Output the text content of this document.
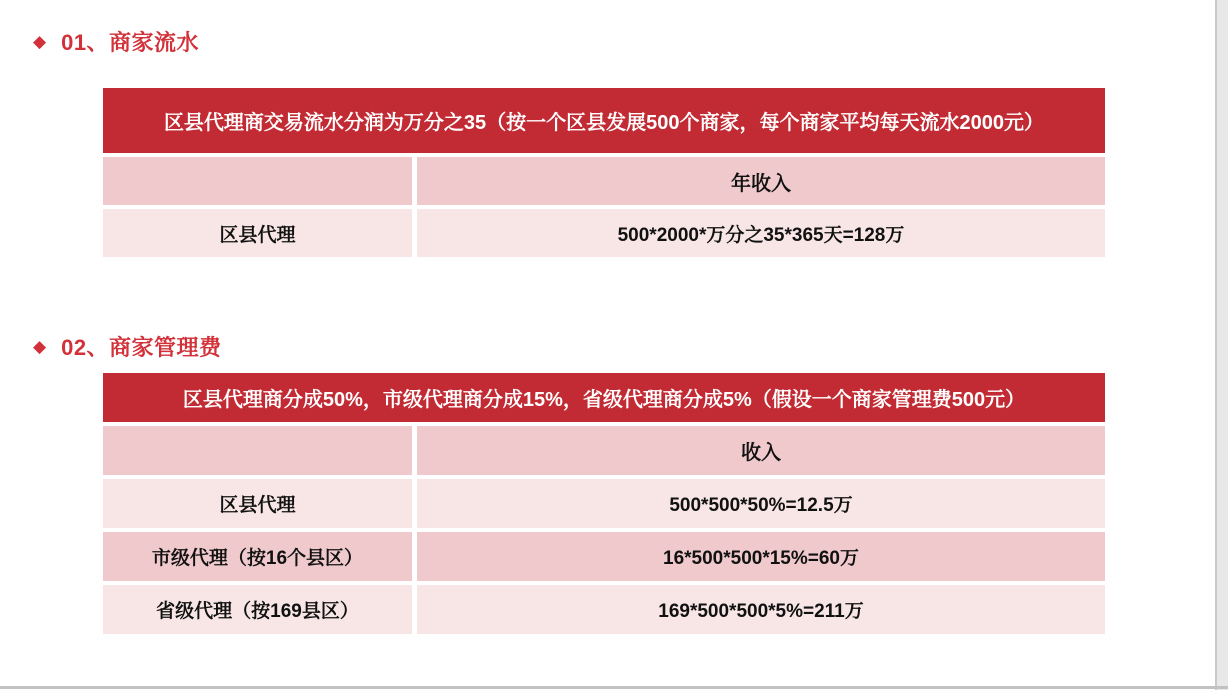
◆ 01、商家流水
区县代理商交易流水分润为万分之35（按一个区县发展500个商家，每个商家平均每天流水2000元）
年收入
区县代理	500*2000*万分之35*365天=128万
◆ 02、商家管理费
区县代理商分成50%，市级代理商分成15%，省级代理商分成5%（假设一个商家管理费500元）
收入
区县代理	500*500*50%=12.5万
市级代理（按16个县区）	16*500*500*15%=60万
省级代理（按169县区）	169*500*500*5%=211万
